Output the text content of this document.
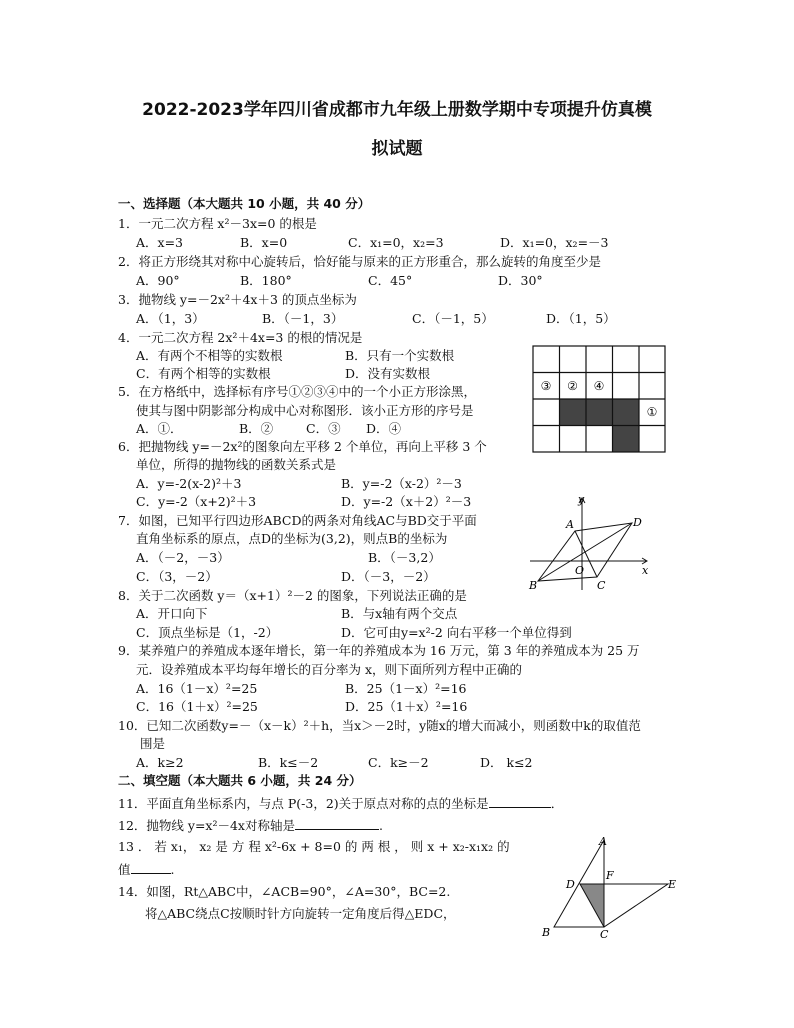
2022-2023学年四川省成都市九年级上册数学期中专项提升仿真模
拟试题
一、选择题（本大题共 10 小题，共 40 分）
1．一元二次方程 x²－3x=0 的根是
A．x=3	B．x=0	C．x₁=0，x₂=3	D．x₁=0，x₂=－3
2．将正方形绕其对称中心旋转后，恰好能与原来的正方形重合，那么旋转的角度至少是
A．90°	B．180°	C．45°	D．30°
3．抛物线 y=－2x²＋4x＋3 的顶点坐标为
A．（1，3）	B．（－1，3）	C．（－1，5）	D．（1，5）
4．一元二次方程 2x²＋4x=3 的根的情况是
A．有两个不相等的实数根	B．只有一个实数根
C．有两个相等的实数根	D．没有实数根
5．在方格纸中，选择标有序号①②③④中的一个小正方形涂黑，
使其与图中阴影部分构成中心对称图形．该小正方形的序号是
A．①．	B．②	C．③ D．④
6．把抛物线 y=－2x²的图象向左平移 2 个单位，再向上平移 3 个
单位，所得的抛物线的函数关系式是
A．y=-2(x-2)²＋3	B．y=-2（x-2）²－3
C．y=-2（x+2)²＋3	D．y=-2（x＋2）²－3
7．如图，已知平行四边形ABCD的两条对角线AC与BD交于平面
直角坐标系的原点，点D的坐标为(3,2)，则点B的坐标为
A．（－2，－3）	B．（－3,2）
C．（3，－2）	D．（－3，－2）
8．关于二次函数 y＝（x+1）²－2 的图象，下列说法正确的是
A．开口向下	B．与x轴有两个交点
C．顶点坐标是（1，-2）	D．它可由y=x²-2 向右平移一个单位得到
9．某养殖户的养殖成本逐年增长，第一年的养殖成本为 16 万元，第 3 年的养殖成本为 25 万
元．设养殖成本平均每年增长的百分率为 x，则下面所列方程中正确的
A．16（1－x）²=25	B．25（1－x）²=16
C．16（1＋x）²=25	D．25（1＋x）²=16
10．已知二次函数y=－（x－k）²＋h，当x＞－2时，y随x的增大而减小，则函数中k的取值范
围是
A．k≥2	B．k≤－2	C．k≥－2	D． k≤2
二、填空题（本大题共 6 小题，共 24 分）
11．平面直角坐标系内，与点 P(-3，2)关于原点对称的点的坐标是	．
12．抛物线 y=x²－4x对称轴是	.
13 ． 若 x₁， x₂ 是 方 程 x²-6x + 8=0 的 两 根 ， 则 x + x₂-x₁x₂ 的
值	.
14．如图，Rt△ABC中，∠ACB=90°，∠A=30°，BC=2.
将△ABC绕点C按顺时针方向旋转一定角度后得△EDC，
③ ② ④
①
y
A	D
O	x
B	C
A
F
D	E
B	C
